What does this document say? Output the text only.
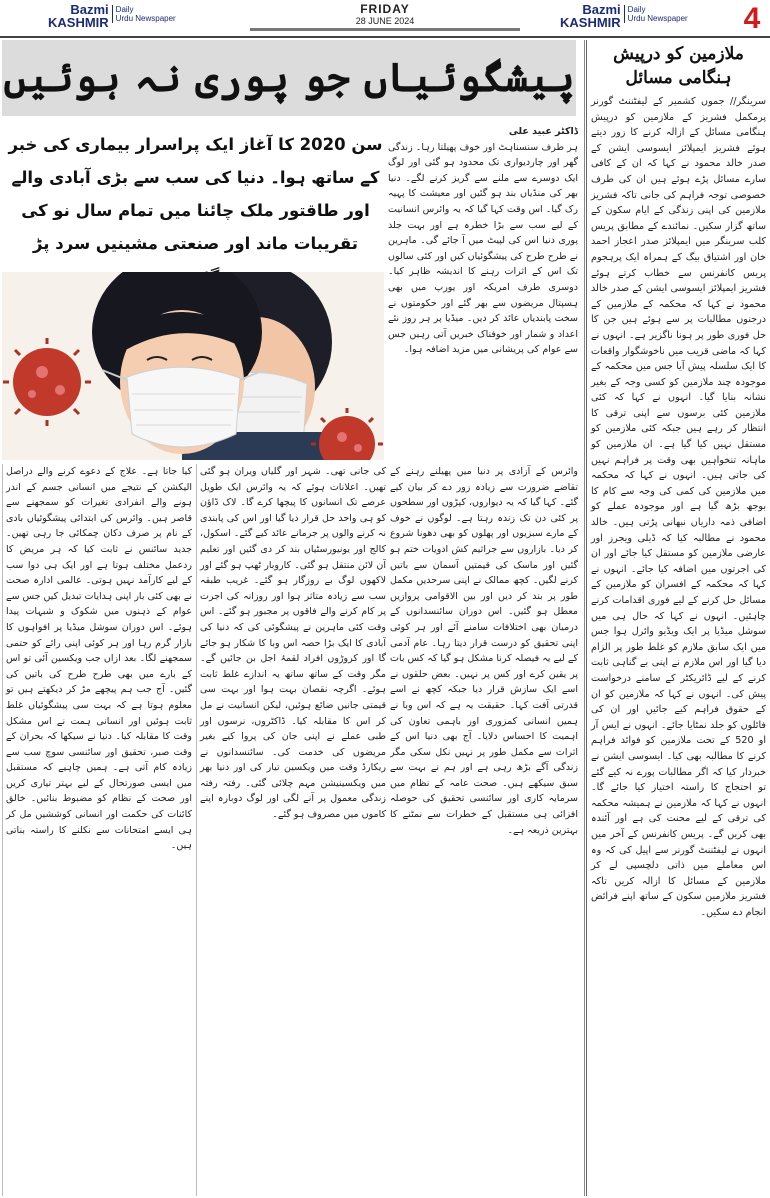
Bazmi
KASHMIR
Daily
Urdu Newspaper
FRIDAY
28 JUNE 2024
Bazmi
KASHMIR
Daily
Urdu Newspaper 4
ملازمین کو درپیش ہنگامی مسائل
سرینگر// جموں کشمیر کے لیفٹننٹ گورنر پرمکمل فشریز کے ملازمین کو درپیش ہنگامی مسائل کے ازالہ کرنے کا زور دیتے ہوئے فشریز ایمپلائز ایسوسی ایشن کے صدر خالد محمود نے کہا کہ ان کے کافی سارے مسائل پڑے ہوئے ہیں ان کی طرف خصوصی توجہ فراہم کی جانی تاکہ فشریز ملازمین کی اپنی زندگی کے ایام سکون کے ساتھ گزار سکیں۔ نمائندے کے مطابق پریس کلب سرینگر میں ایمپلائز صدر اعجاز احمد خان اور اشتیاق بیگ کے ہمراہ ایک پرہجوم پریس کانفرنس سے خطاب کرتے ہوئے فشریز ایمپلائز ایسوسی ایشن کے صدر خالد محمود نے کہا کہ محکمہ کے ملازمین کے درجنوں مطالبات پر سے ہوئے ہیں جن کا حل فوری طور پر ہونا ناگزیر ہے۔ انہوں نے کہا کہ ماضی قریب میں ناخوشگوار واقعات کا ایک سلسلہ پیش آیا جس میں محکمہ کے موجودہ چند ملازمین کو کسی وجہ کے بغیر نشانہ بنایا گیا۔ انہوں نے کہا کہ کئی ملازمین کئی برسوں سے اپنی ترقی کا انتظار کر رہے ہیں جبکہ کئی ملازمین کو مستقل نہیں کیا گیا ہے۔ ان ملازمین کو ماہانہ تنخواہیں بھی وقت پر فراہم نہیں کی جاتی ہیں۔ انہوں نے کہا کہ محکمہ میں ملازمین کی کمی کی وجہ سے کام کا بوجھ بڑھ گیا ہے اور موجودہ عملے کو اضافی ذمہ داریاں نبھانی پڑتی ہیں۔ خالد محمود نے مطالبہ کیا کہ ڈیلی ویجرز اور عارضی ملازمین کو مستقل کیا جائے اور ان کی اجرتوں میں اضافہ کیا جائے۔ انہوں نے کہا کہ محکمہ کے افسران کو ملازمین کے مسائل حل کرنے کے لیے فوری اقدامات کرنے چاہئیں۔ انہوں نے کہا کہ حال ہی میں سوشل میڈیا پر ایک ویڈیو وائرل ہوا جس میں ایک سابق ملازم کو غلط طور پر الزام دیا گیا اور اس ملازم نے اپنی بے گناہی ثابت کرنے کے لیے ڈائریکٹر کے سامنے درخواست پیش کی۔ انہوں نے کہا کہ ملازمین کو ان کے حقوق فراہم کیے جائیں اور ان کی فائلوں کو جلد نمٹایا جائے۔ انہوں نے ایس آر او 520 کے تحت ملازمین کو فوائد فراہم کرنے کا مطالبہ بھی کیا۔ ایسوسی ایشن نے خبردار کیا کہ اگر مطالبات پورے نہ کیے گئے تو احتجاج کا راستہ اختیار کیا جائے گا۔ انہوں نے کہا کہ ملازمین نے ہمیشہ محکمہ کی ترقی کے لیے محنت کی ہے اور آئندہ بھی کریں گے۔ پریس کانفرنس کے آخر میں انہوں نے لیفٹننٹ گورنر سے اپیل کی کہ وہ اس معاملے میں ذاتی دلچسپی لے کر ملازمین کے مسائل کا ازالہ کریں تاکہ فشریز ملازمین سکون کے ساتھ اپنے فرائض انجام دے سکیں۔
پیشگوئیاں جو پوری نہ ہوئیں
سن 2020 کا آغاز ایک پراسرار بیماری کی خبر کے ساتھ ہوا۔ دنیا کی سب سے بڑی آبادی والے اور طاقتور ملک چائنا میں تمام سال نو کی تقریبات ماند اور صنعتی مشینیں سرد پڑ
ڈاکٹر عبید علی
ہر طرف سنسناہٹ اور خوف پھیلتا رہا۔ زندگی گھر اور چاردیواری تک محدود ہو گئی اور لوگ ایک دوسرے سے ملنے سے گریز کرنے لگے۔ دنیا بھر کی منڈیاں بند ہو گئیں اور معیشت کا پہیہ رک گیا۔ اس وقت کہا گیا کہ یہ وائرس انسانیت کے لیے سب سے بڑا خطرہ ہے اور بہت جلد پوری دنیا اس کی لپیٹ میں آ جائے گی۔ ماہرین نے طرح طرح کی پیشگوئیاں کیں اور کئی سالوں تک اس کے اثرات رہنے کا اندیشہ ظاہر کیا۔ دوسری طرف امریکہ اور یورپ میں بھی ہسپتال مریضوں سے بھر گئے اور حکومتوں نے سخت پابندیاں عائد کر دیں۔ میڈیا پر ہر روز نئے اعداد و شمار اور خوفناک خبریں آتی رہیں جس سے عوام کی پریشانی میں مزید اضافہ ہوا۔
کیا جاتا ہے۔ علاج کے دعوے کرنے والے دراصل الیکشن کے نتیجے میں انسانی جسم کے اندر ہونے والے انفرادی تغیرات کو سمجھنے سے قاصر ہیں۔ وائرس کی ابتدائی پیشگوئیاں بادی کے نام پر صرف دکان چمکائی جا رہی تھیں۔ جدید سائنس نے ثابت کیا کہ ہر مریض کا ردعمل مختلف ہوتا ہے اور ایک ہی دوا سب کے لیے کارآمد نہیں ہوتی۔ عالمی ادارہ صحت نے بھی کئی بار اپنی ہدایات تبدیل کیں جس سے عوام کے ذہنوں میں شکوک و شبہات پیدا ہوئے۔ اس دوران سوشل میڈیا پر افواہوں کا بازار گرم رہا اور ہر کوئی اپنی رائے کو حتمی سمجھنے لگا۔ بعد ازاں جب ویکسین آئی تو اس کے بارے میں بھی طرح طرح کی باتیں کی گئیں۔ آج جب ہم پیچھے مڑ کر دیکھتے ہیں تو معلوم ہوتا ہے کہ بہت سی پیشگوئیاں غلط ثابت ہوئیں اور انسانی ہمت نے اس مشکل وقت کا مقابلہ کیا۔ دنیا نے سیکھا کہ بحران کے وقت صبر، تحقیق اور سائنسی سوچ سب سے زیادہ کام آتی ہے۔ ہمیں چاہیے کہ مستقبل میں ایسی صورتحال کے لیے بہتر تیاری کریں اور صحت کے نظام کو مضبوط بنائیں۔ خالق کائنات کی حکمت اور انسانی کوششیں مل کر ہی ایسے امتحانات سے نکلنے کا راستہ بناتی ہیں۔
کی جانی تھی۔ شہر اور گلیاں ویران ہو گئی تھیں۔ اعلانات ہوئے کہ یہ وائرس ایک طویل عرصے تک انسانوں کا پیچھا کرے گا۔ لاک ڈاؤن کو ہی واحد حل قرار دیا گیا اور اس کی پابندی نہ کرنے والوں پر جرمانے عائد کیے گئے۔ اسکول، کالج اور یونیورسٹیاں بند کر دی گئیں اور تعلیم آن لائن منتقل ہو گئی۔ کاروبار ٹھپ ہو گئے اور لاکھوں لوگ بے روزگار ہو گئے۔ غریب طبقہ سب سے زیادہ متاثر ہوا اور روزانہ کی اجرت پر کام کرنے والے فاقوں پر مجبور ہو گئے۔ اس وقت کئی ماہرین نے پیشگوئی کی کہ دنیا کی آبادی کا ایک بڑا حصہ اس وبا کا شکار ہو جائے گا اور کروڑوں افراد لقمۂ اجل بن جائیں گے۔ مگر وقت کے ساتھ ساتھ یہ اندازے غلط ثابت ہوئے۔ اگرچہ نقصان بہت ہوا اور بہت سی قیمتی جانیں ضائع ہوئیں، لیکن انسانیت نے مل کر اس کا مقابلہ کیا۔ ڈاکٹروں، نرسوں اور طبی عملے نے اپنی جان کی پروا کیے بغیر مریضوں کی خدمت کی۔ سائنسدانوں نے ریکارڈ وقت میں ویکسین تیار کی اور دنیا بھر میں ویکسینیشن مہم چلائی گئی۔ رفتہ رفتہ زندگی معمول پر آنے لگی اور لوگ دوبارہ اپنے کاموں میں مصروف ہو گئے۔
وائرس کے آزادی پر دنیا میں پھیلنے رہنے کے تقاضے ضرورت سے زیادہ زور دے کر بیان کیے گئے۔ کہا گیا کہ یہ دیواروں، کپڑوں اور سطحوں پر کئی دن تک زندہ رہتا ہے۔ لوگوں نے خوف کے مارے سبزیوں اور پھلوں کو بھی دھونا شروع کر دیا۔ بازاروں سے جراثیم کش ادویات ختم ہو گئیں اور ماسک کی قیمتیں آسمان سے باتیں کرنے لگیں۔ کچھ ممالک نے اپنی سرحدیں مکمل طور پر بند کر دیں اور بین الاقوامی پروازیں معطل ہو گئیں۔ اس دوران سائنسدانوں کے درمیان بھی اختلافات سامنے آئے اور ہر کوئی اپنی تحقیق کو درست قرار دیتا رہا۔ عام آدمی کے لیے یہ فیصلہ کرنا مشکل ہو گیا کہ کس بات پر یقین کرے اور کس پر نہیں۔ بعض حلقوں نے اسے ایک سازش قرار دیا جبکہ کچھ نے اسے قدرتی آفت کہا۔ حقیقت یہ ہے کہ اس وبا نے ہمیں انسانی کمزوری اور باہمی تعاون کی اہمیت کا احساس دلایا۔ آج بھی دنیا اس کے اثرات سے مکمل طور پر نہیں نکل سکی مگر زندگی آگے بڑھ رہی ہے اور ہم نے بہت سے سبق سیکھے ہیں۔ صحت عامہ کے نظام میں سرمایہ کاری اور سائنسی تحقیق کی حوصلہ افزائی ہی مستقبل کے خطرات سے نمٹنے کا بہترین ذریعہ ہے۔
